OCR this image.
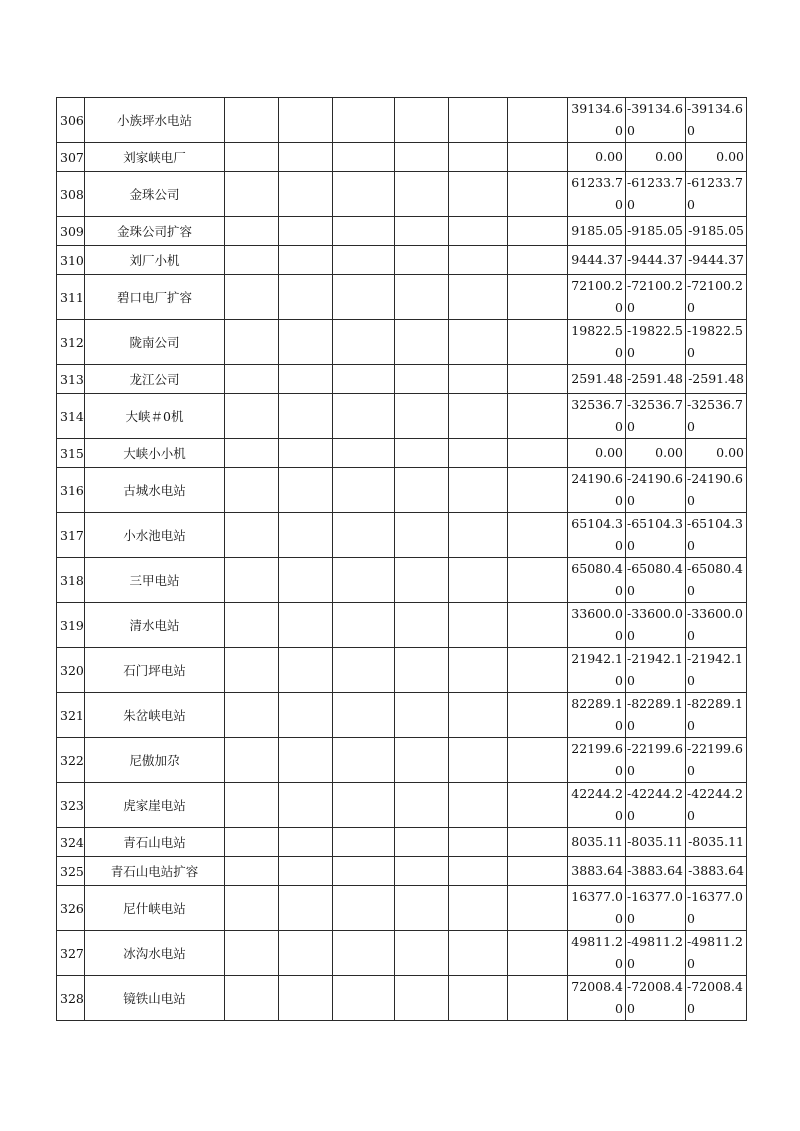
306	小族坪水电站							39134.60	-39134.60	-39134.60

307	刘家峡电厂							0.00	0.00	0.00
308	金珠公司							61233.70	-61233.70	-61233.70

309	金珠公司扩容							9185.05	-9185.05	-9185.05
310	刘厂小机							9444.37	-9444.37	-9444.37
311	碧口电厂扩容							72100.20	-72100.20	-72100.20

312	陇南公司							19822.50	-19822.50	-19822.50

313	龙江公司							2591.48	-2591.48	-2591.48
314	大峡＃0机							32536.70	-32536.70	-32536.70

315	大峡小小机							0.00	0.00	0.00
316	古城水电站							24190.60	-24190.60	-24190.60

317	小水池电站							65104.30	-65104.30	-65104.30

318	三甲电站							65080.40	-65080.40	-65080.40

319	清水电站							33600.00	-33600.00	-33600.00

320	石门坪电站							21942.10	-21942.10	-21942.10

321	朱岔峡电站							82289.10	-82289.10	-82289.10

322	尼傲加尕							22199.60	-22199.60	-22199.60

323	虎家崖电站							42244.20	-42244.20	-42244.20

324	青石山电站							8035.11	-8035.11	-8035.11
325	青石山电站扩容							3883.64	-3883.64	-3883.64
326	尼什峡电站							16377.00	-16377.00	-16377.00

327	冰沟水电站							49811.20	-49811.20	-49811.20

328	镜铁山电站							72008.40	-72008.40	-72008.40
